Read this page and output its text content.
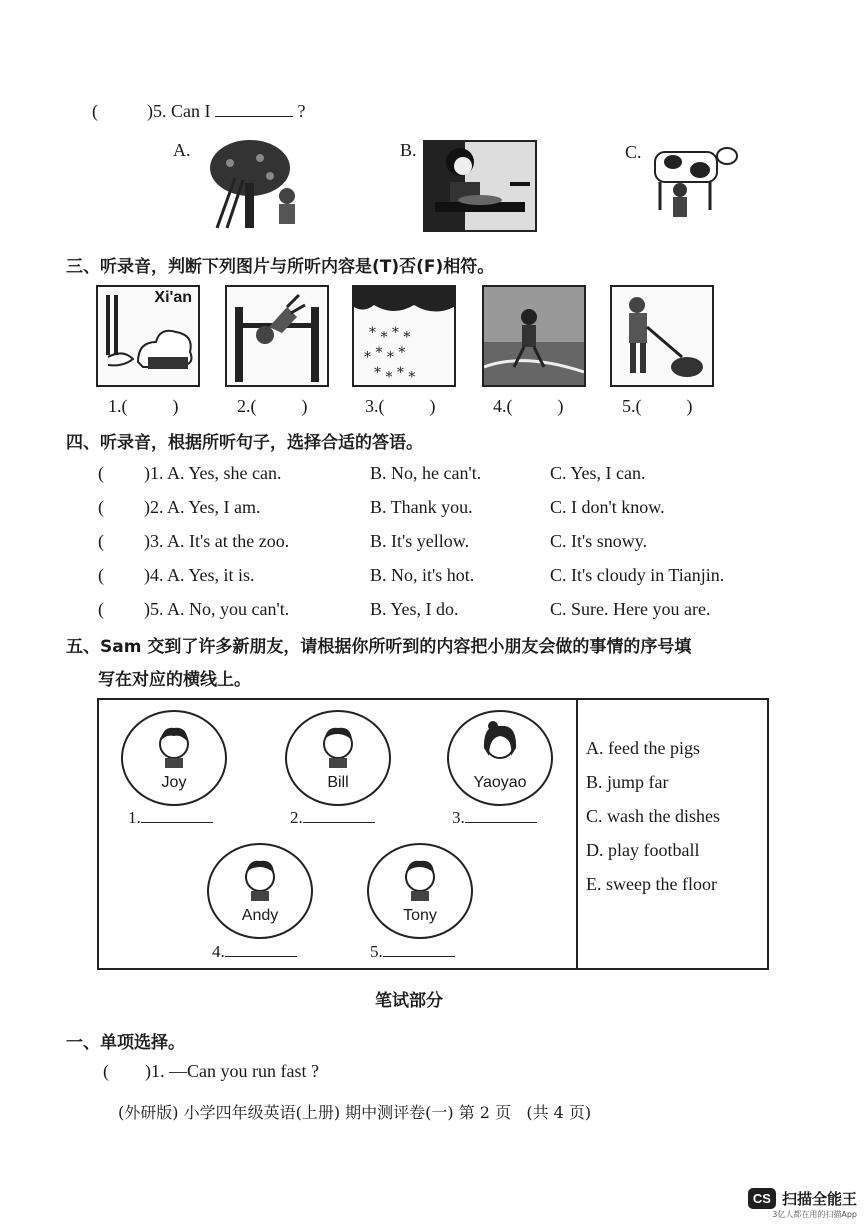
(	)5. Can I	?
A.	B.	C.
三、听录音，判断下列图片与所听内容是(T)否(F)相符。
Xi'an
* ⁎ * ⁎
⁎ * ⁎ *
* ⁎ * ⁎
1.(          )	2.(          )	3.(          )	4.(          )	5.(          )
四、听录音，根据所听句子，选择合适的答语。
( )1. A. Yes, she can.	B. No, he can't.	C. Yes, I can.
( )2. A. Yes, I am.	B. Thank you.	C. I don't know.
( )3. A. It's at the zoo.	B. It's yellow.	C. It's snowy.
( )4. A. Yes, it is.	B. No, it's hot.	C. It's cloudy in Tianjin.
( )5. A. No, you can't.	B. Yes, I do.	C. Sure. Here you are.
五、Sam 交到了许多新朋友，请根据你所听到的内容把小朋友会做的事情的序号填
写在对应的横线上。
Joy	Bill	Yaoyao
Andy	Tony
1.	2.	3.
4.	5.
A. feed the pigs
B. jump far
C. wash the dishes
D. play football
E. sweep the floor
笔试部分
一、单项选择。
( )1. —Can you run fast ?
(外研版) 小学四年级英语(上册) 期中测评卷(一) 第 2 页   (共 4 页)
CS 扫描全能王
3亿人都在用的扫描App
